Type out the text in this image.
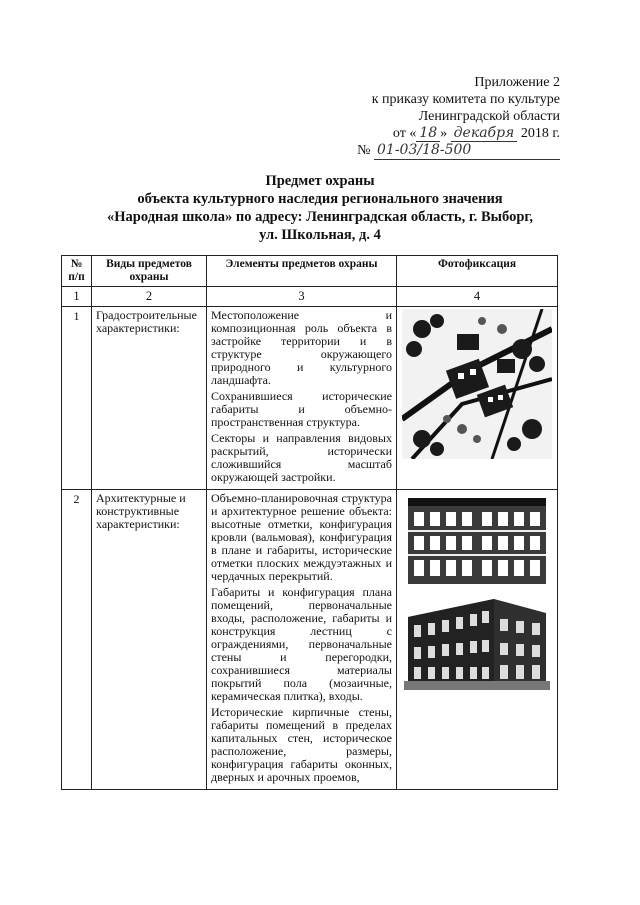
Приложение 2
к приказу комитета по культуре
Ленинградской области
от « 18 » декабря 2018 г.
№ 01-03/18-500
Предмет охраны
объекта культурного наследия регионального значения
«Народная школа» по адресу: Ленинградская область, г. Выборг,
ул. Школьная, д. 4
№ п/п	Виды предметов охраны	Элементы предметов охраны	Фотофиксация
1	2	3	4
1	Градостроительные характеристики:	Местоположение и композиционная роль объекта в застройке территории и в структуре окружающего природного и культурного ландшафта.

Сохранившиеся исторические габариты и объемно-пространственная структура.

Секторы и направления видовых раскрытий, исторически сложившийся масштаб окружающей застройки.

2	Архитектурные и конструктивные характеристики:	Объемно-планировочная структура и архитектурное решение объекта: высотные отметки, конфигурация кровли (вальмовая), конфигурация в плане и габариты, исторические отметки плоских междуэтажных и чердачных перекрытий.

Габариты и конфигурация плана помещений, первоначальные входы, расположение, габариты и конструкция лестниц с ограждениями, первоначальные стены и перегородки, сохранившиеся материалы покрытий пола (мозаичные, керамическая плитка), входы.

Исторические кирпичные стены, габариты помещений в пределах капитальных стен, историческое расположение, размеры, конфигурация габариты оконных, дверных и арочных проемов,
